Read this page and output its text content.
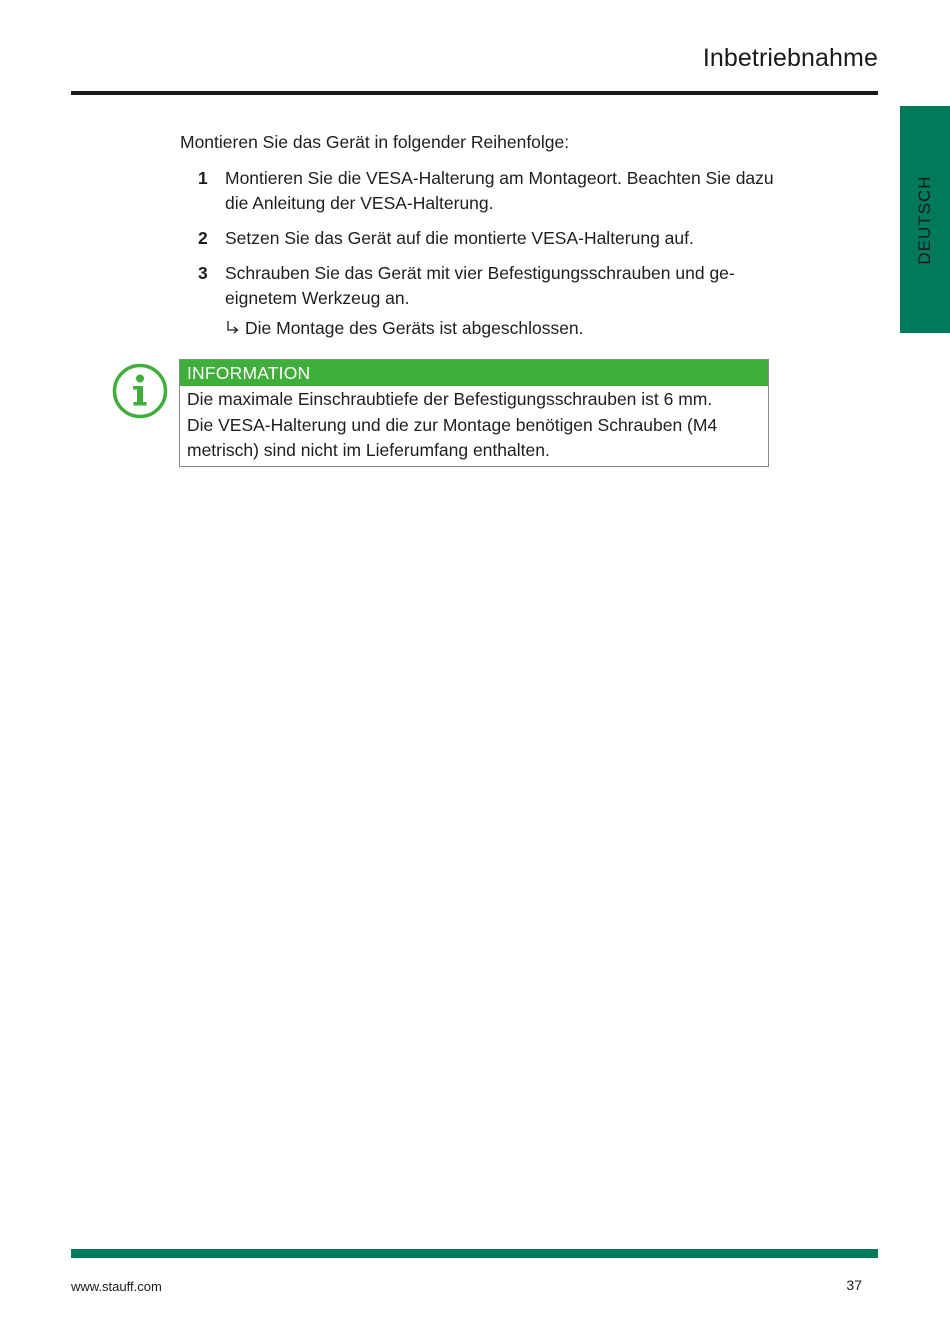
Inbetriebnahme
DEUTSCH

Montieren Sie das Gerät in folgender Reihenfolge:

1 Montieren Sie die VESA-Halterung am Montageort. Beachten Sie dazu die Anleitung der VESA-Halterung.
2 Setzen Sie das Gerät auf die montierte VESA-Halterung auf.
3 Schrauben Sie das Gerät mit vier Befestigungsschrauben und ge-eignetem Werkzeug an.
Die Montage des Geräts ist abgeschlossen.
INFORMATION
Die maximale Einschraubtiefe der Befestigungsschrauben ist 6 mm.
Die VESA-Halterung und die zur Montage benötigen Schrauben (M4
metrisch) sind nicht im Lieferumfang enthalten.
www.stauff.com	37
